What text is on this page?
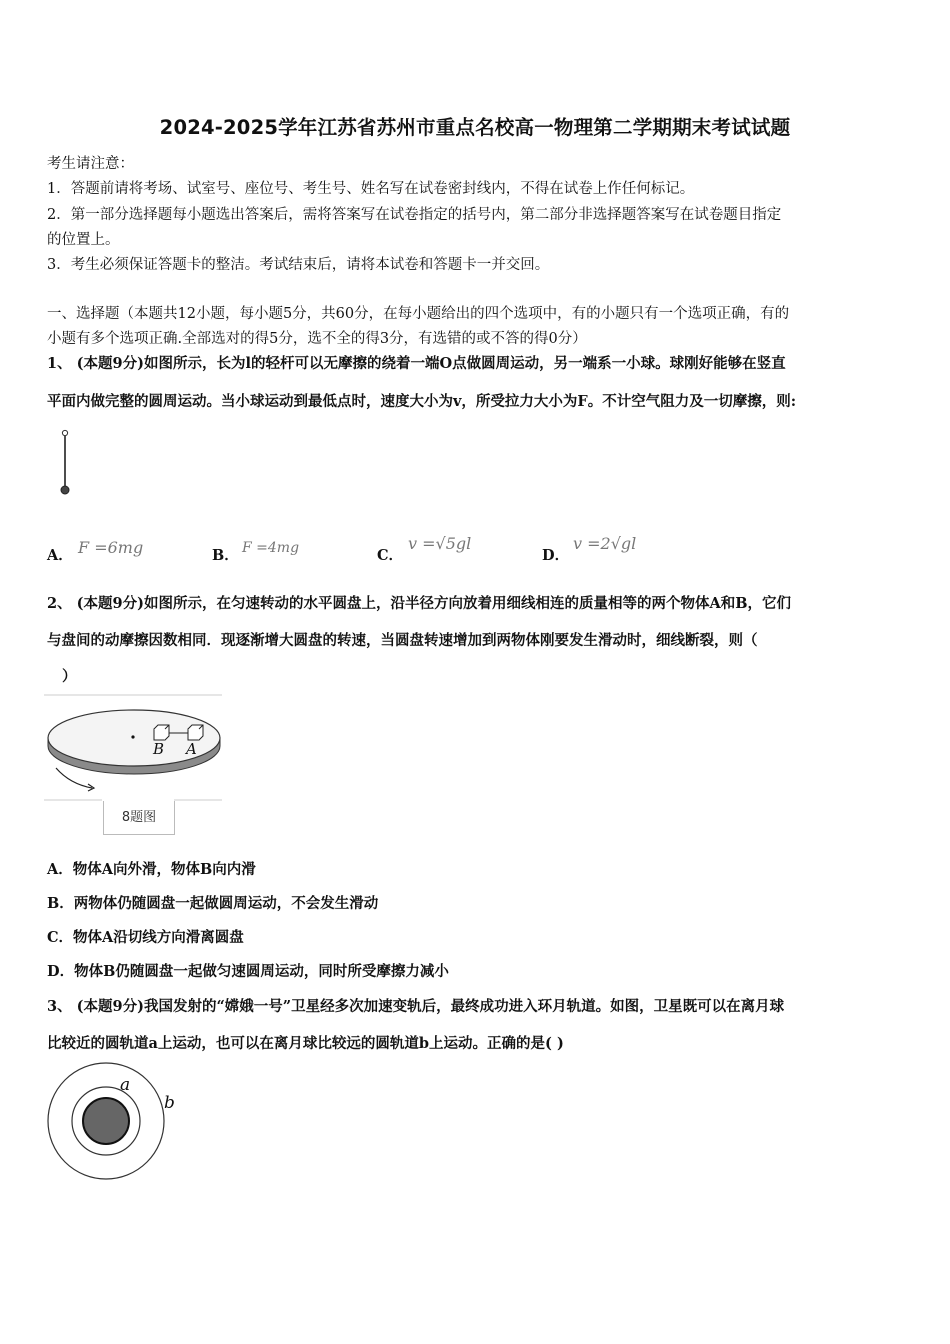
2024-2025学年江苏省苏州市重点名校高一物理第二学期期末考试试题
考生请注意：
1．答题前请将考场、试室号、座位号、考生号、姓名写在试卷密封线内，不得在试卷上作任何标记。
2．第一部分选择题每小题选出答案后，需将答案写在试卷指定的括号内，第二部分非选择题答案写在试卷题目指定
的位置上。
3．考生必须保证答题卡的整洁。考试结束后，请将本试卷和答题卡一并交回。
一、选择题（本题共12小题，每小题5分，共60分，在每小题给出的四个选项中，有的小题只有一个选项正确，有的
小题有多个选项正确.全部选对的得5分，选不全的得3分，有选错的或不答的得0分）
1、 (本题9分)如图所示，长为l的轻杆可以无摩擦的绕着一端O点做圆周运动，另一端系一小球。球刚好能够在竖直
平面内做完整的圆周运动。当小球运动到最低点时，速度大小为v，所受拉力大小为F。不计空气阻力及一切摩擦，则:
A． F =6mg	B． F =4mg	C．
v =√5gl
D．
v =2√gl
2、 (本题9分)如图所示，在匀速转动的水平圆盘上，沿半径方向放着用细线相连的质量相等的两个物体A和B，它们
与盘间的动摩擦因数相同．现逐渐增大圆盘的转速，当圆盘转速增加到两物体刚要发生滑动时，细线断裂，则（
）
B A
8题图
A．物体A向外滑，物体B向内滑
B．两物体仍随圆盘一起做圆周运动，不会发生滑动
C．物体A沿切线方向滑离圆盘
D．物体B仍随圆盘一起做匀速圆周运动，同时所受摩擦力减小
3、 (本题9分)我国发射的“嫦娥一号”卫星经多次加速变轨后，最终成功进入环月轨道。如图，卫星既可以在离月球
比较近的圆轨道a上运动，也可以在离月球比较远的圆轨道b上运动。正确的是( )
a
b
